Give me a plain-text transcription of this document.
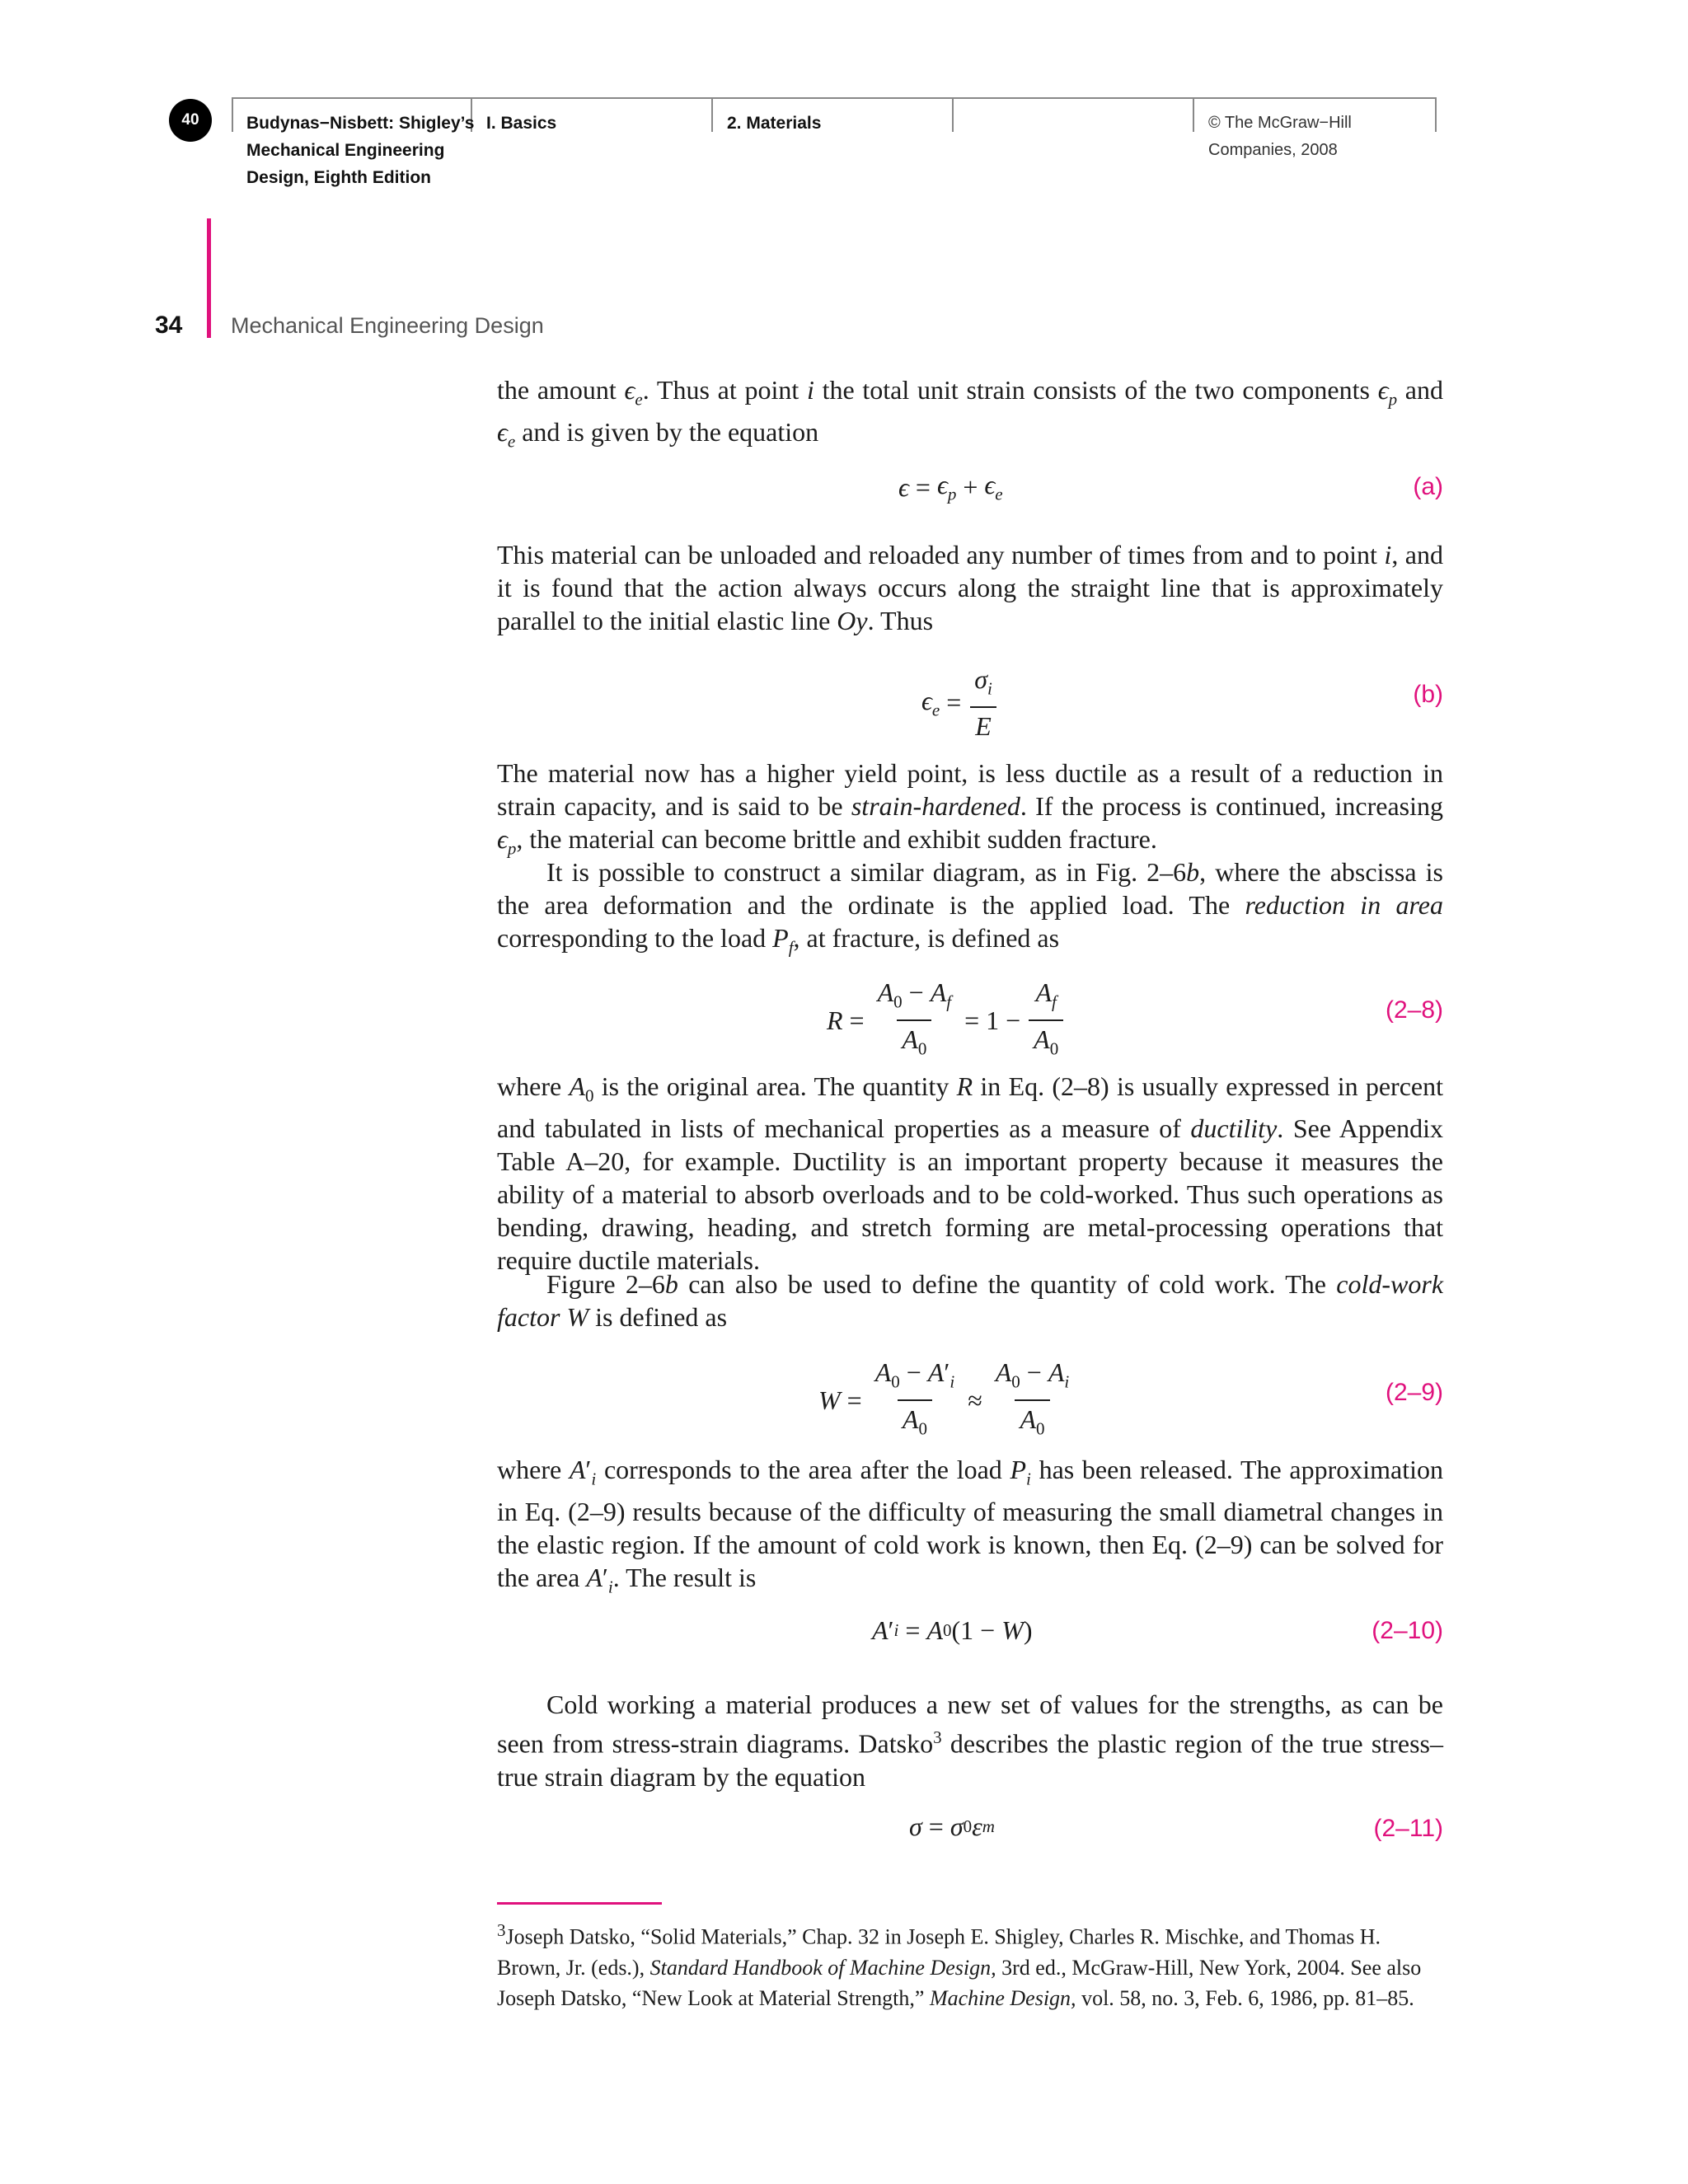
40	Budynas−Nisbett: Shigley’s
Mechanical Engineering
Design, Eighth Edition
I. Basics	2. Materials	© The McGraw−Hill
Companies, 2008
34 Mechanical Engineering Design

the amount $\epsilon_e$. Thus at point i the total unit strain consists of the two components $\epsilon_p$ and $\epsilon_e$ and is given by the equation

$\epsilon = \epsilon_p + \epsilon_e$	(a)

This material can be unloaded and reloaded any number of times from and to point i, and it is found that the action always occurs along the straight line that is approximately parallel to the initial elastic line Oy. Thus

$\epsilon_e = \frac{\sigma_i}{E}$	(b)

The material now has a higher yield point, is less ductile as a result of a reduction in strain capacity, and is said to be strain-hardened. If the process is continued, increasing $\epsilon_p$, the material can become brittle and exhibit sudden fracture.

It is possible to construct a similar diagram, as in Fig. 2–6b, where the abscissa is the area deformation and the ordinate is the applied load. The reduction in area corresponding to the load $P_f$, at fracture, is defined as

$R = \frac{A_0 - A_f}{A_0} = 1 - \frac{A_f}{A_0}$	(2–8)

where $A_0$ is the original area. The quantity R in Eq. (2–8) is usually expressed in percent and tabulated in lists of mechanical properties as a measure of ductility. See Appendix Table A–20, for example. Ductility is an important property because it measures the ability of a material to absorb overloads and to be cold-worked. Thus such operations as bending, drawing, heading, and stretch forming are metal-processing operations that require ductile materials.

Figure 2–6b can also be used to define the quantity of cold work. The cold-work factor W is defined as

$W = \frac{A_0 - A'_i}{A_0} \approx \frac{A_0 - A_i}{A_0}$	(2–9)

where $A'_i$ corresponds to the area after the load $P_i$ has been released. The approximation in Eq. (2–9) results because of the difficulty of measuring the small diametral changes in the elastic region. If the amount of cold work is known, then Eq. (2–9) can be solved for the area $A'_i$. The result is

A ′ i = A 0 (1 − W )	(2–10)

Cold working a material produces a new set of values for the strengths, as can be seen from stress-strain diagrams. Datsko$^3$ describes the plastic region of the true stress–true strain diagram by the equation

σ = σ 0 ε m	(2–11)

$^3$Joseph Datsko, “Solid Materials,” Chap. 32 in Joseph E. Shigley, Charles R. Mischke, and Thomas H. Brown, Jr. (eds.), Standard Handbook of Machine Design, 3rd ed., McGraw-Hill, New York, 2004. See also Joseph Datsko, “New Look at Material Strength,” Machine Design, vol. 58, no. 3, Feb. 6, 1986, pp. 81–85.
